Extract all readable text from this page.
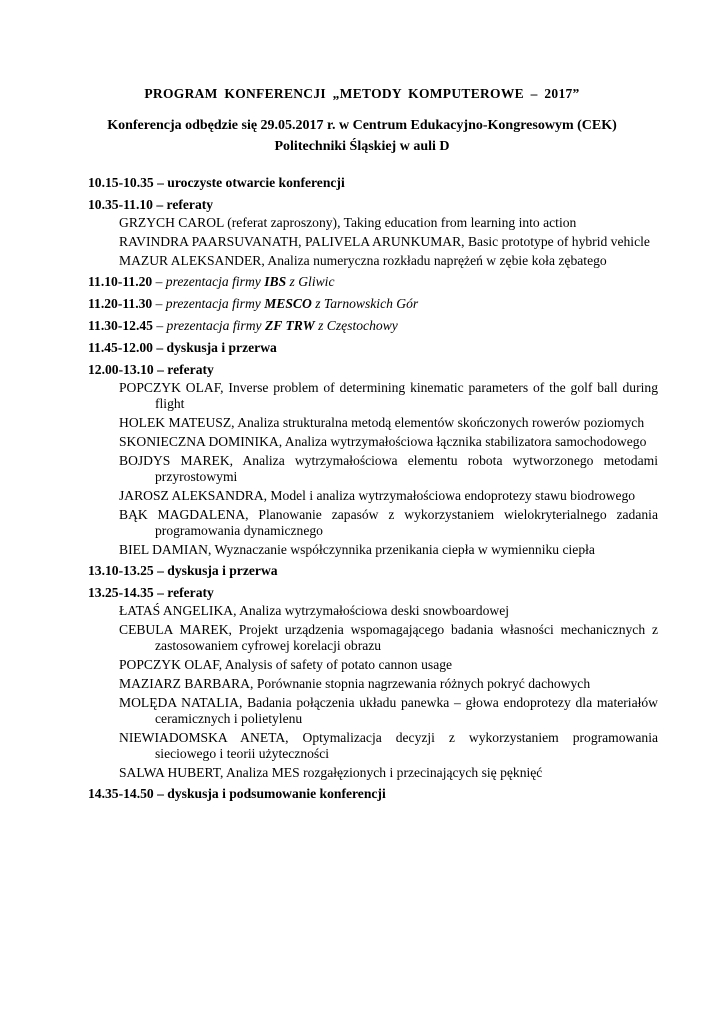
PROGRAM KONFERENCJI „METODY KOMPUTEROWE – 2017”
Konferencja odbędzie się 29.05.2017 r. w Centrum Edukacyjno-Kongresowym (CEK)
Politechniki Śląskiej w auli D
10.15-10.35 – uroczyste otwarcie konferencji
10.35-11.10 – referaty
GRZYCH CAROL (referat zaproszony), Taking education from learning into action
RAVINDRA PAARSUVANATH, PALIVELA ARUNKUMAR, Basic prototype of hybrid vehicle
MAZUR ALEKSANDER, Analiza numeryczna rozkładu naprężeń w zębie koła zębatego
11.10-11.20 – prezentacja firmy IBS z Gliwic
11.20-11.30 – prezentacja firmy MESCO z Tarnowskich Gór
11.30-12.45 – prezentacja firmy ZF TRW z Częstochowy
11.45-12.00 – dyskusja i przerwa
12.00-13.10 – referaty
POPCZYK OLAF, Inverse problem of determining kinematic parameters of the golf ball during flight
HOLEK MATEUSZ, Analiza strukturalna metodą elementów skończonych rowerów poziomych
SKONIECZNA DOMINIKA, Analiza wytrzymałościowa łącznika stabilizatora samochodowego
BOJDYS MAREK, Analiza wytrzymałościowa elementu robota wytworzonego metodami przyrostowymi
JAROSZ ALEKSANDRA, Model i analiza wytrzymałościowa endoprotezy stawu biodrowego
BĄK MAGDALENA, Planowanie zapasów z wykorzystaniem wielokryterialnego zadania programowania dynamicznego
BIEL DAMIAN, Wyznaczanie współczynnika przenikania ciepła w wymienniku ciepła
13.10-13.25 – dyskusja i przerwa
13.25-14.35 – referaty
ŁATAŚ ANGELIKA, Analiza wytrzymałościowa deski snowboardowej
CEBULA MAREK, Projekt urządzenia wspomagającego badania własności mechanicznych z zastosowaniem cyfrowej korelacji obrazu
POPCZYK OLAF, Analysis of safety of potato cannon usage
MAZIARZ BARBARA, Porównanie stopnia nagrzewania różnych pokryć dachowych
MOLĘDA NATALIA, Badania połączenia układu panewka – głowa endoprotezy dla materiałów ceramicznych i polietylenu
NIEWIADOMSKA ANETA, Optymalizacja decyzji z wykorzystaniem programowania sieciowego i teorii użyteczności
SALWA HUBERT, Analiza MES rozgałęzionych i przecinających się pęknięć
14.35-14.50 – dyskusja i podsumowanie konferencji
